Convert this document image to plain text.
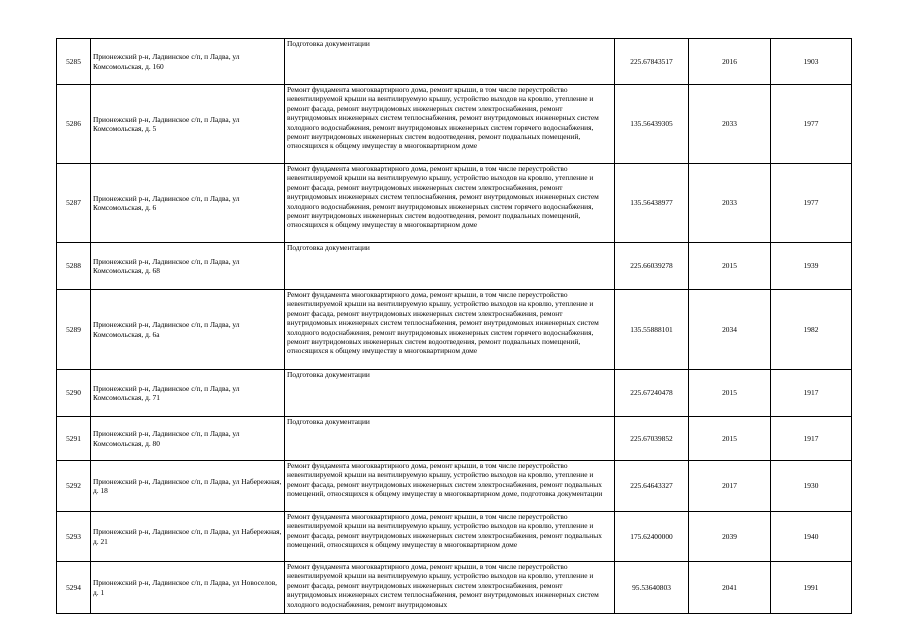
5285	Прионежский р-н, Ладвинское с/п, п Ладва, ул Комсомольская, д. 160	Подготовка документации	225.67843517	2016	1903
5286	Прионежский р-н, Ладвинское с/п, п Ладва, ул Комсомольская, д. 5	Ремонт фундамента многоквартирного дома, ремонт крыши, в том числе переустройство невентилируемой крыши на вентилируемую крышу, устройство выходов на кровлю, утепление и ремонт фасада, ремонт внутридомовых инженерных систем электроснабжения, ремонт внутридомовых инженерных систем теплоснабжения, ремонт внутридомовых инженерных систем холодного водоснабжения, ремонт внутридомовых инженерных систем горячего водоснабжения, ремонт внутридомовых инженерных систем водоотведения, ремонт подвальных помещений, относящихся к общему имуществу в многоквартирном доме	135.56439305	2033	1977
5287	Прионежский р-н, Ладвинское с/п, п Ладва, ул Комсомольская, д. 6	Ремонт фундамента многоквартирного дома, ремонт крыши, в том числе переустройство невентилируемой крыши на вентилируемую крышу, устройство выходов на кровлю, утепление и ремонт фасада, ремонт внутридомовых инженерных систем электроснабжения, ремонт внутридомовых инженерных систем теплоснабжения, ремонт внутридомовых инженерных систем холодного водоснабжения, ремонт внутридомовых инженерных систем горячего водоснабжения, ремонт внутридомовых инженерных систем водоотведения, ремонт подвальных помещений, относящихся к общему имуществу в многоквартирном доме	135.56438977	2033	1977
5288	Прионежский р-н, Ладвинское с/п, п Ладва, ул Комсомольская, д. 68	Подготовка документации	225.66039278	2015	1939
5289	Прионежский р-н, Ладвинское с/п, п Ладва, ул Комсомольская, д. 6а	Ремонт фундамента многоквартирного дома, ремонт крыши, в том числе переустройство невентилируемой крыши на вентилируемую крышу, устройство выходов на кровлю, утепление и ремонт фасада, ремонт внутридомовых инженерных систем электроснабжения, ремонт внутридомовых инженерных систем теплоснабжения, ремонт внутридомовых инженерных систем холодного водоснабжения, ремонт внутридомовых инженерных систем горячего водоснабжения, ремонт внутридомовых инженерных систем водоотведения, ремонт подвальных помещений, относящихся к общему имуществу в многоквартирном доме	135.55888101	2034	1982
5290	Прионежский р-н, Ладвинское с/п, п Ладва, ул Комсомольская, д. 71	Подготовка документации	225.67240478	2015	1917
5291	Прионежский р-н, Ладвинское с/п, п Ладва, ул Комсомольская, д. 80	Подготовка документации	225.67039852	2015	1917
5292	Прионежский р-н, Ладвинское с/п, п Ладва, ул Набережная, д. 18	Ремонт фундамента многоквартирного дома, ремонт крыши, в том числе переустройство невентилируемой крыши на вентилируемую крышу, устройство выходов на кровлю, утепление и ремонт фасада, ремонт внутридомовых инженерных систем электроснабжения, ремонт подвальных помещений, относящихся к общему имуществу в многоквартирном доме, подготовка документации	225.64643327	2017	1930
5293	Прионежский р-н, Ладвинское с/п, п Ладва, ул Набережная, д. 21	Ремонт фундамента многоквартирного дома, ремонт крыши, в том числе переустройство невентилируемой крыши на вентилируемую крышу, устройство выходов на кровлю, утепление и ремонт фасада, ремонт внутридомовых инженерных систем электроснабжения, ремонт подвальных помещений, относящихся к общему имуществу в многоквартирном доме	175.62400000	2039	1940
5294	Прионежский р-н, Ладвинское с/п, п Ладва, ул Новоселов, д. 1	Ремонт фундамента многоквартирного дома, ремонт крыши, в том числе переустройство невентилируемой крыши на вентилируемую крышу, устройство выходов на кровлю, утепление и ремонт фасада, ремонт внутридомовых инженерных систем электроснабжения, ремонт внутридомовых инженерных систем теплоснабжения, ремонт внутридомовых инженерных систем холодного водоснабжения, ремонт внутридомовых	95.53640803	2041	1991
